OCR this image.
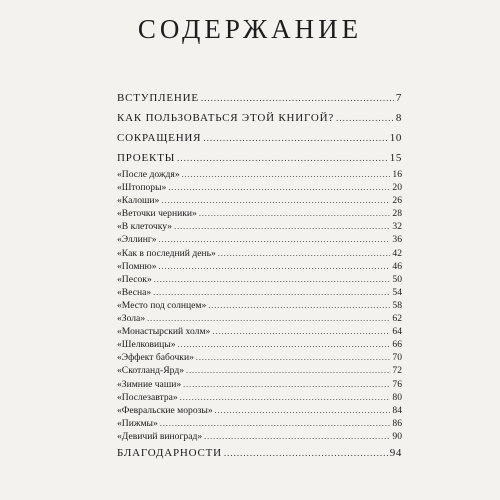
СОДЕРЖАНИЕ
ВСТУПЛЕНИЕ .....	7
КАК ПОЛЬЗОВАТЬСЯ ЭТОЙ КНИГОЙ? .....	8
СОКРАЩЕНИЯ .....	10
ПРОЕКТЫ .....	15
«После дождя» .....	16
«Штопоры» .....	20
«Калоши» .....	26
«Веточки черники» .....	28
«В клеточку» .....	32
«Эллинг» .....	36
«Как в последний день» .....	42
«Помню» .....	46
«Песок» .....	50
«Весна» .....	54
«Место под солнцем» .....	58
«Зола» .....	62
«Монастырский холм» .....	64
«Шелковицы» .....	66
«Эффект бабочки» .....	70
«Скотланд-Ярд» .....	72
«Зимние чаши» .....	76
«Послезавтра» .....	80
«Февральские морозы» .....	84
«Пижмы» .....	86
«Девичий виноград» .....	90
БЛАГОДАРНОСТИ .....	94
